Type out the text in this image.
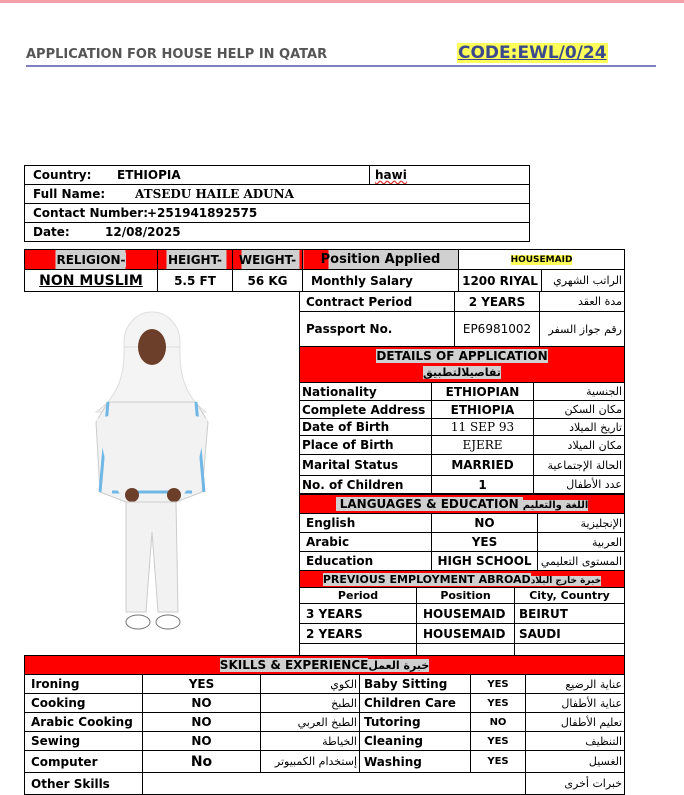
APPLICATION FOR HOUSE HELP IN QATAR	CODE:EWL/0/24
Country: ETHIOPIA	hawi
Full Name: ATSEDU HAILE ADUNA
Contact Number:+251941892575
Date:	12/08/2025
RELIGION-	HEIGHT-	WEIGHT-	Position Applied	HOUSEMAID	
NON MUSLIM	5.5 FT	56 KG	Monthly Salary	1200 RIYAL	الراتب الشهري
Contract Period	2 YEARS	مدة العقد
Passport No.	EP6981002	رقم جواز السفر
DETAILS OF APPLICATION
تفاصيلالتطبيق		
Nationality	ETHIOPIAN	الجنسية
Complete Address	ETHIOPIA	مكان السكن
Date of Birth	11 SEP 93	تاريخ الميلاد
Place of Birth	EJERE	مكان الميلاد
Marital Status	MARRIED	الحالة الإجتماعية
No. of Children	1	عدد الأطفال
LANGUAGES & EDUCATION اللغة والتعليم		
English	NO	الإنجليزية
Arabic	YES	العربية
Education	HIGH SCHOOL	المستوى التعليمي
PREVIOUS EMPLOYMENT ABROADخبرة خارج البلاد		
Period	Position	City, Country
3 YEARS	HOUSEMAID	BEIRUT
2 YEARS	HOUSEMAID	SAUDI

SKILLS & EXPERIENCEخبرة العمل					
Ironing	YES	الكوي	Baby Sitting	YES	عناية الرضيع
Cooking	NO	الطبخ	Children Care	YES	عناية الأطفال
Arabic Cooking	NO	الطبخ العربي	Tutoring	NO	تعليم الأطفال
Sewing	NO	الخياطة	Cleaning	YES	التنظيف
Computer	No	إستخدام الكمبيوتر	Washing	YES	الغسيل
Other Skills					خبرات أخرى
